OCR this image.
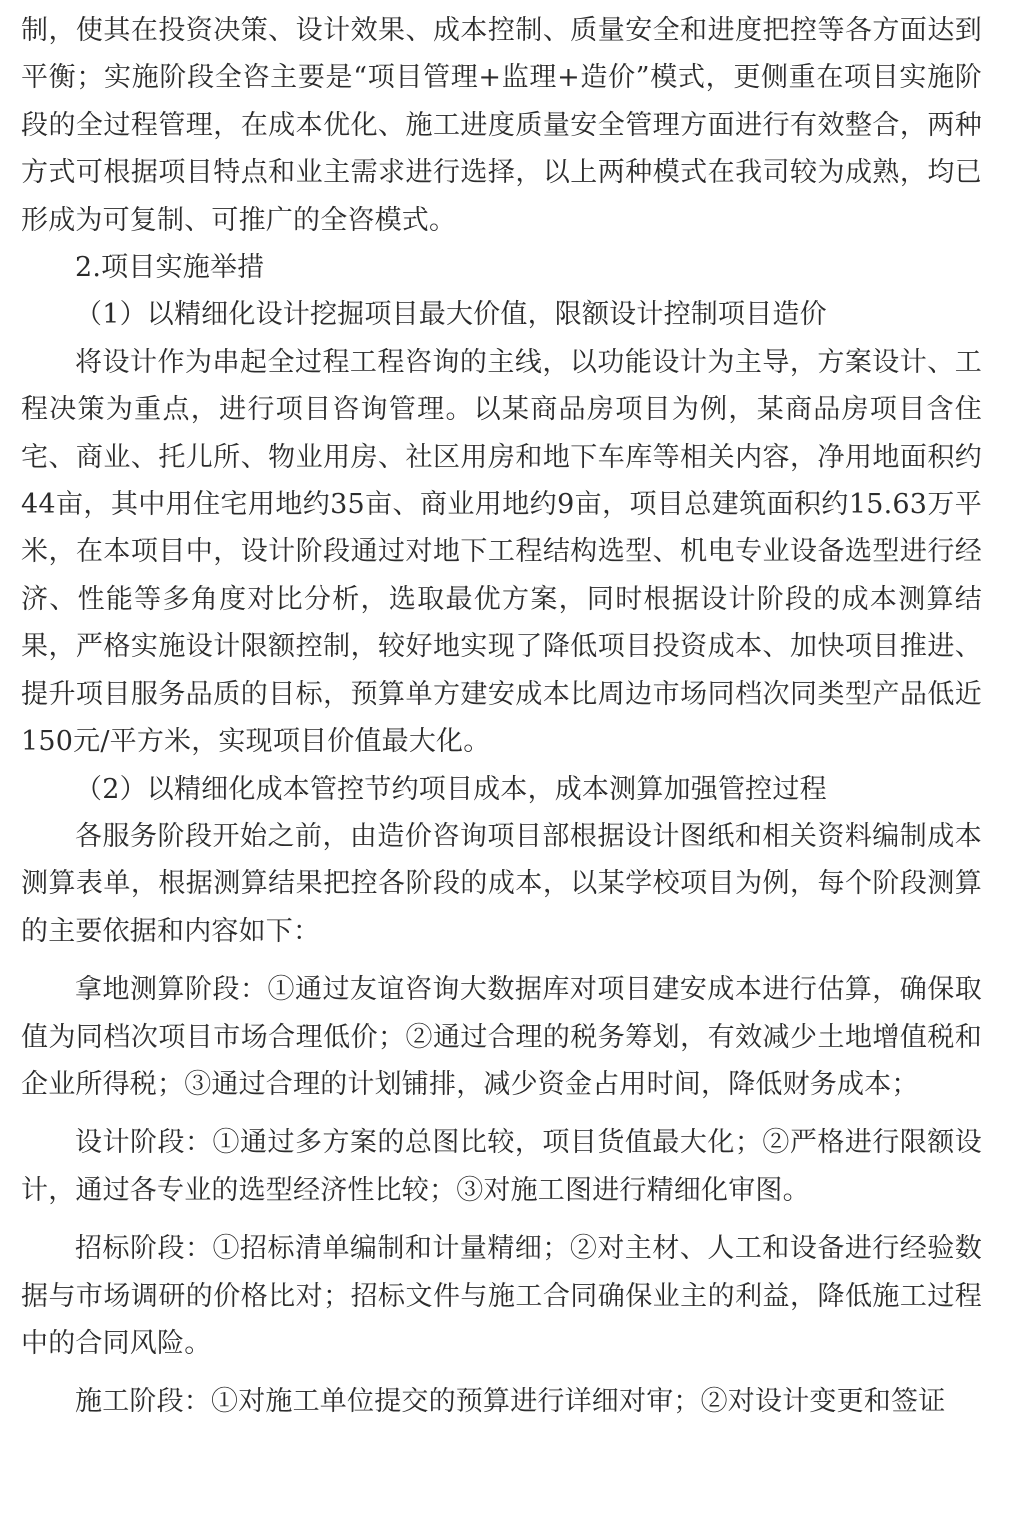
制，使其在投资决策、设计效果、成本控制、质量安全和进度把控等各方面达到平衡；实施阶段全咨主要是“项目管理+监理+造价”模式，更侧重在项目实施阶段的全过程管理，在成本优化、施工进度质量安全管理方面进行有效整合，两种方式可根据项目特点和业主需求进行选择，以上两种模式在我司较为成熟，均已形成为可复制、可推广的全咨模式。

2.项目实施举措

（1）以精细化设计挖掘项目最大价值，限额设计控制项目造价

将设计作为串起全过程工程咨询的主线，以功能设计为主导，方案设计、工程决策为重点，进行项目咨询管理。以某商品房项目为例，某商品房项目含住宅、商业、托儿所、物业用房、社区用房和地下车库等相关内容，净用地面积约44亩，其中用住宅用地约35亩、商业用地约9亩，项目总建筑面积约15.63万平米，在本项目中，设计阶段通过对地下工程结构选型、机电专业设备选型进行经济、性能等多角度对比分析，选取最优方案，同时根据设计阶段的成本测算结果，严格实施设计限额控制，较好地实现了降低项目投资成本、加快项目推进、提升项目服务品质的目标，预算单方建安成本比周边市场同档次同类型产品低近150元/平方米，实现项目价值最大化。

（2）以精细化成本管控节约项目成本，成本测算加强管控过程

各服务阶段开始之前，由造价咨询项目部根据设计图纸和相关资料编制成本测算表单，根据测算结果把控各阶段的成本，以某学校项目为例，每个阶段测算的主要依据和内容如下：

拿地测算阶段：①通过友谊咨询大数据库对项目建安成本进行估算，确保取值为同档次项目市场合理低价；②通过合理的税务筹划，有效减少土地增值税和企业所得税；③通过合理的计划铺排，减少资金占用时间，降低财务成本；

设计阶段：①通过多方案的总图比较，项目货值最大化；②严格进行限额设计，通过各专业的选型经济性比较；③对施工图进行精细化审图。

招标阶段：①招标清单编制和计量精细；②对主材、人工和设备进行经验数据与市场调研的价格比对；招标文件与施工合同确保业主的利益，降低施工过程中的合同风险。

施工阶段：①对施工单位提交的预算进行详细对审；②对设计变更和签证
